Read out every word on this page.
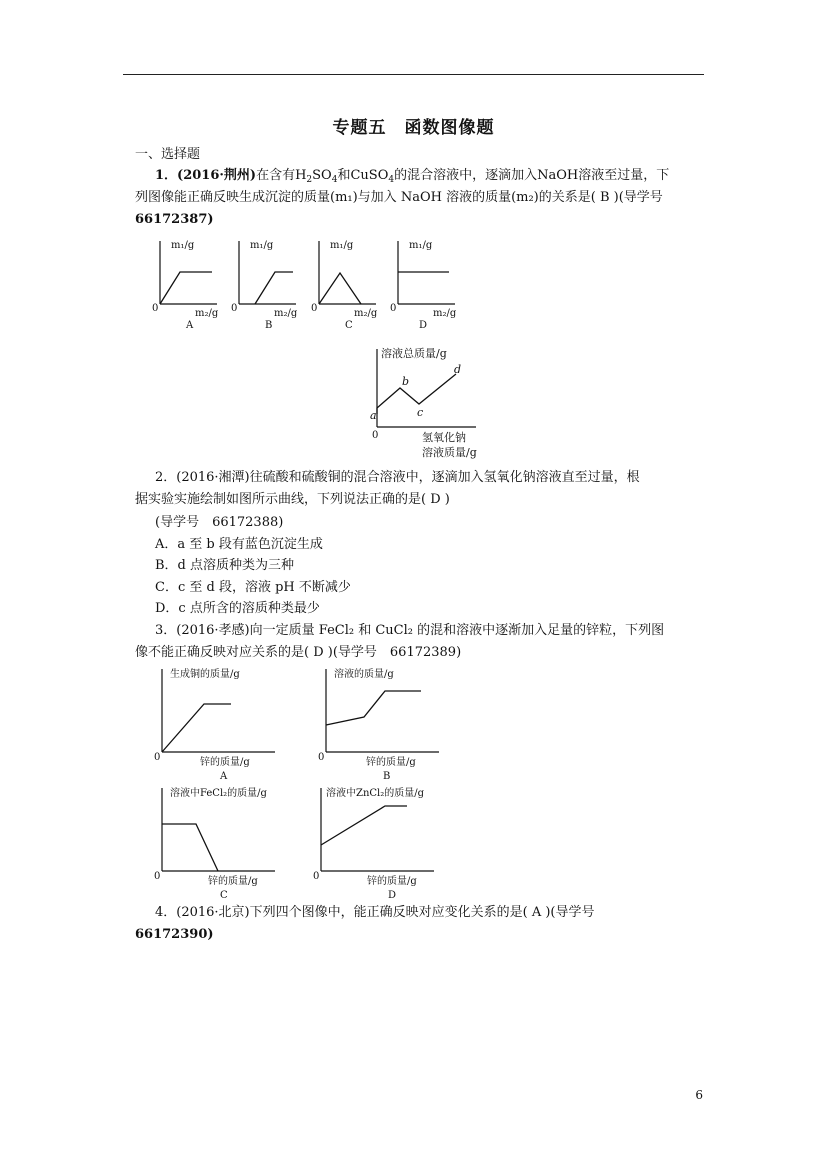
专题五　函数图像题
一、选择题
1．(2016·荆州)在含有$H_2SO_4$和CuSO$_4$的混合溶液中，逐滴加入NaOH溶液至过量，下
列图像能正确反映生成沉淀的质量(m₁)与加入 NaOH 溶液的质量(m₂)的关系是( B )(导学号
66172387)
m₁/g
m₂/g
0
A
m₁/g
m₂/g
0
B
m₁/g
m₂/g
0
C
m₁/g
m₂/g
0
D
溶液总质量/g
0
a
b
c
d
氢氧化钠
溶液质量/g
2．(2016·湘潭)往硫酸和硫酸铜的混合溶液中，逐滴加入氢氧化钠溶液直至过量，根
据实验实施绘制如图所示曲线，下列说法正确的是( D )
(导学号　66172388)
A．a 至 b 段有蓝色沉淀生成
B．d 点溶质种类为三种
C．c 至 d 段，溶液 pH 不断减少
D．c 点所含的溶质种类最少
3．(2016·孝感)向一定质量 FeCl₂ 和 CuCl₂ 的混和溶液中逐渐加入足量的锌粒，下列图
像不能正确反映对应关系的是( D )(导学号　66172389)
生成铜的质量/g
0	锌的质量/g
A
溶液的质量/g
0	锌的质量/g
B
溶液中FeCl₂的质量/g
0	锌的质量/g
C
溶液中ZnCl₂的质量/g
0	锌的质量/g
D
4．(2016·北京)下列四个图像中，能正确反映对应变化关系的是( A )(导学号
66172390)
6
